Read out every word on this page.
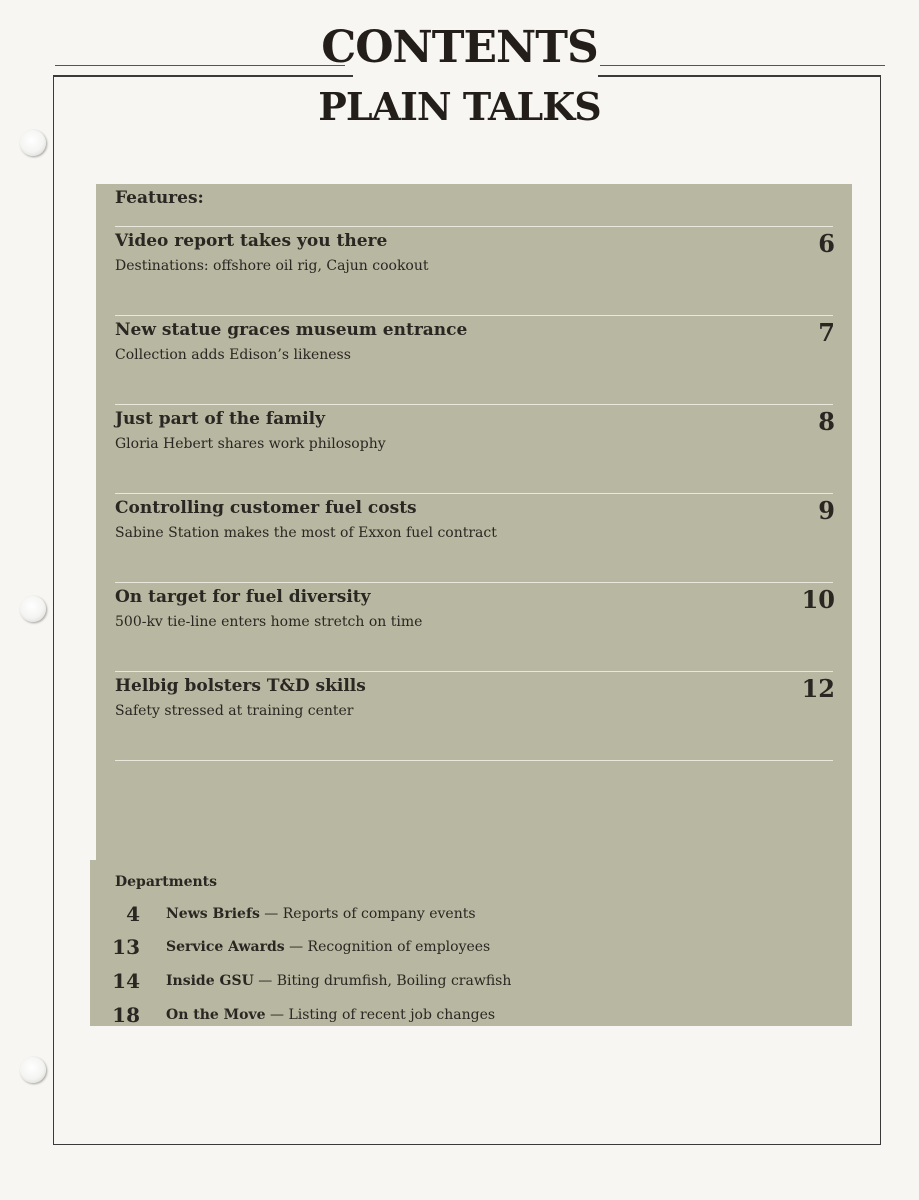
CONTENTS
PLAIN TALKS
Features:
Video report takes you there
Destinations: offshore oil rig, Cajun cookout
6
New statue graces museum entrance
Collection adds Edison’s likeness
7
Just part of the family
Gloria Hebert shares work philosophy
8
Controlling customer fuel costs
Sabine Station makes the most of Exxon fuel contract
9
On target for fuel diversity
500-kv tie-line enters home stretch on time
10
Helbig bolsters T&D skills
Safety stressed at training center
12
Departments
4 News Briefs — Reports of company events
13 Service Awards — Recognition of employees
14 Inside GSU — Biting drumfish, Boiling crawfish
18 On the Move — Listing of recent job changes
